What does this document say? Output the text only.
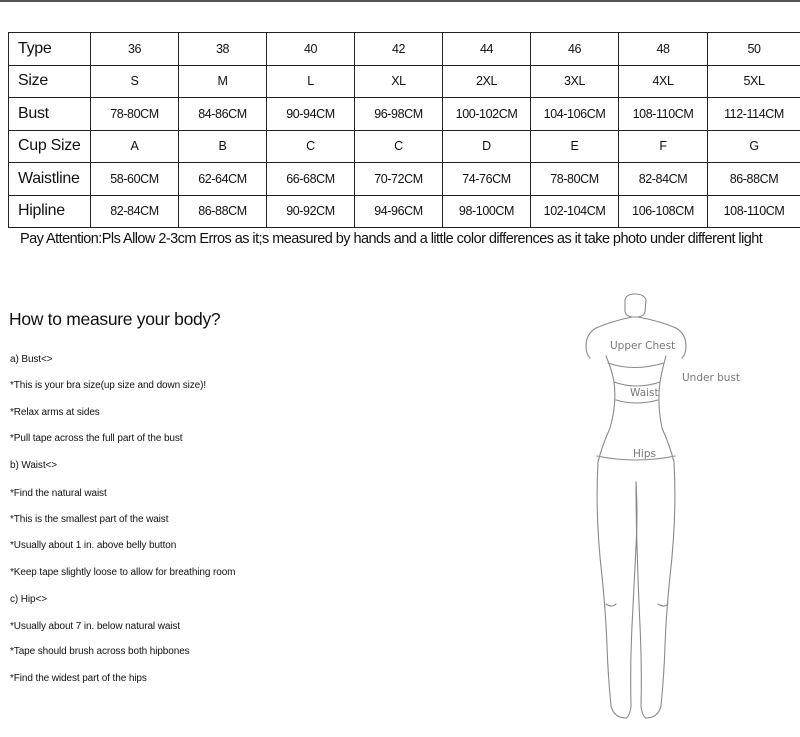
Type	36	38	40	42	44	46	48	50
Size	S	M	L	XL	2XL	3XL	4XL	5XL
Bust	78-80CM	84-86CM	90-94CM	96-98CM	100-102CM	104-106CM	108-110CM	112-114CM
Cup Size	A	B	C	C	D	E	F	G
Waistline	58-60CM	62-64CM	66-68CM	70-72CM	74-76CM	78-80CM	82-84CM	86-88CM
Hipline	82-84CM	86-88CM	90-92CM	94-96CM	98-100CM	102-104CM	106-108CM	108-110CM
Pay Attention:Pls Allow 2-3cm Erros as it;s measured by hands and a little color differences as it take photo under different light
How to measure your body?
a) Bust<>
*This is your bra size(up size and down size)!
*Relax arms at sides
*Pull tape across the full part of the bust
b) Waist<>
*Find the natural waist
*This is the smallest part of the waist
*Usually about 1 in. above belly button
*Keep tape slightly loose to allow for breathing room
c) Hip<>
*Usually about 7 in. below natural waist
*Tape should brush across both hipbones
*Find the widest part of the hips
Upper Chest
Under bust
Waist
Hips
